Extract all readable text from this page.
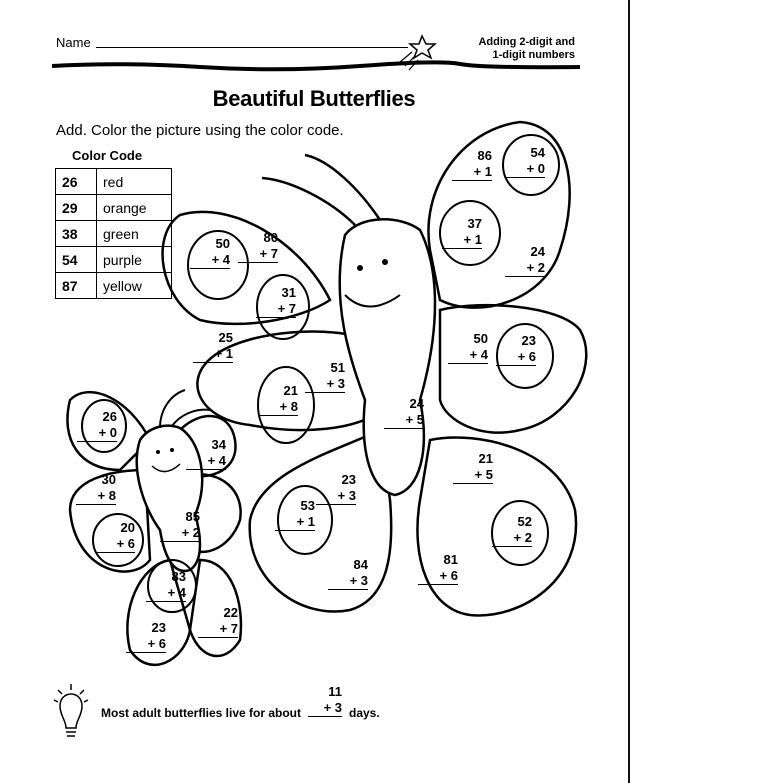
Name	Adding 2-digit and
1-digit numbers
Beautiful Butterflies
Add. Color the picture using the color code.
Color Code
26	red
29	orange
38	green
54	purple
87	yellow
86
+ 1
54
+ 0
37
+ 1
24
+ 2
50
+ 4
80
+ 7
31
+ 7
25
+ 1
51
+ 3
21
+ 8
50
+ 4
23
+ 6
24
+ 5
21
+ 5
23
+ 3
53
+ 1	52
+ 2
84
+ 3
81
+ 6
26
+ 0
34
+ 4
30
+ 8
85
+ 2
20
+ 6
83
+ 4
22
+ 7
23
+ 6
Most adult butterflies live for about
11
+ 3 days.
